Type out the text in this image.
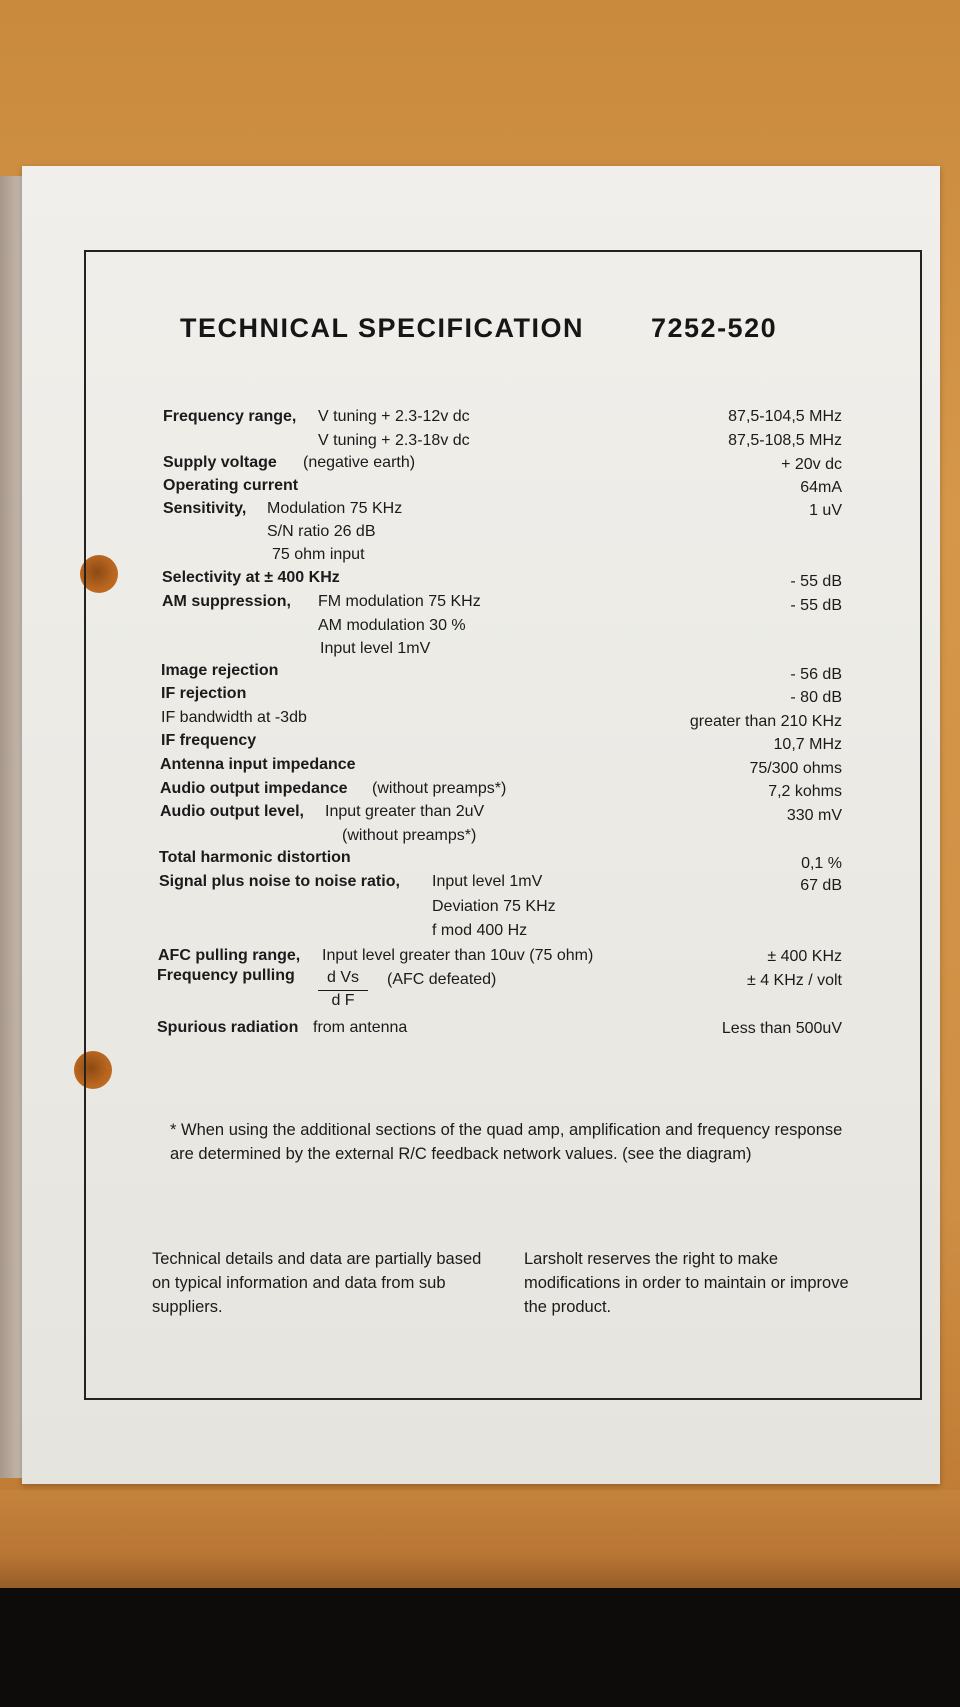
TECHNICAL SPECIFICATION 7252-520
Frequency range, V tuning + 2.3-12v dc	87,5-104,5 MHz
V tuning + 2.3-18v dc	87,5-108,5 MHz
Supply voltage (negative earth)	+ 20v dc
Operating current	64mA
Sensitivity, Modulation 75 KHz	1 uV
S/N ratio 26 dB
75 ohm input
Selectivity at ± 400 KHz	- 55 dB
AM suppression, FM modulation 75 KHz	- 55 dB
AM modulation 30 %
Input level 1mV
Image rejection	- 56 dB
IF rejection	- 80 dB
IF bandwidth at -3db	greater than 210 KHz
IF frequency	10,7 MHz
Antenna input impedance	75/300 ohms
Audio output impedance (without preamps*)	7,2 kohms
Audio output level, Input greater than 2uV	330 mV
(without preamps*)
Total harmonic distortion	0,1 %
Signal plus noise to noise ratio, Input level 1mV	67 dB
Deviation 75 KHz
f mod 400 Hz
AFC pulling range, Input level greater than 10uv (75 ohm)	± 400 KHz
Frequency pulling $\frac{\text{d Vs}}{\text{d F}} (AFC$ defeated)	± 4 KHz / volt
Spurious radiation from antenna	Less than 500uV
* When using the additional sections of the quad amp, amplification and frequency response are determined by the external R/C feedback network values. (see the diagram)
Technical details and data are partially based on typical information and data from sub suppliers.
Larsholt reserves the right to make modifications in order to maintain or improve the product.
